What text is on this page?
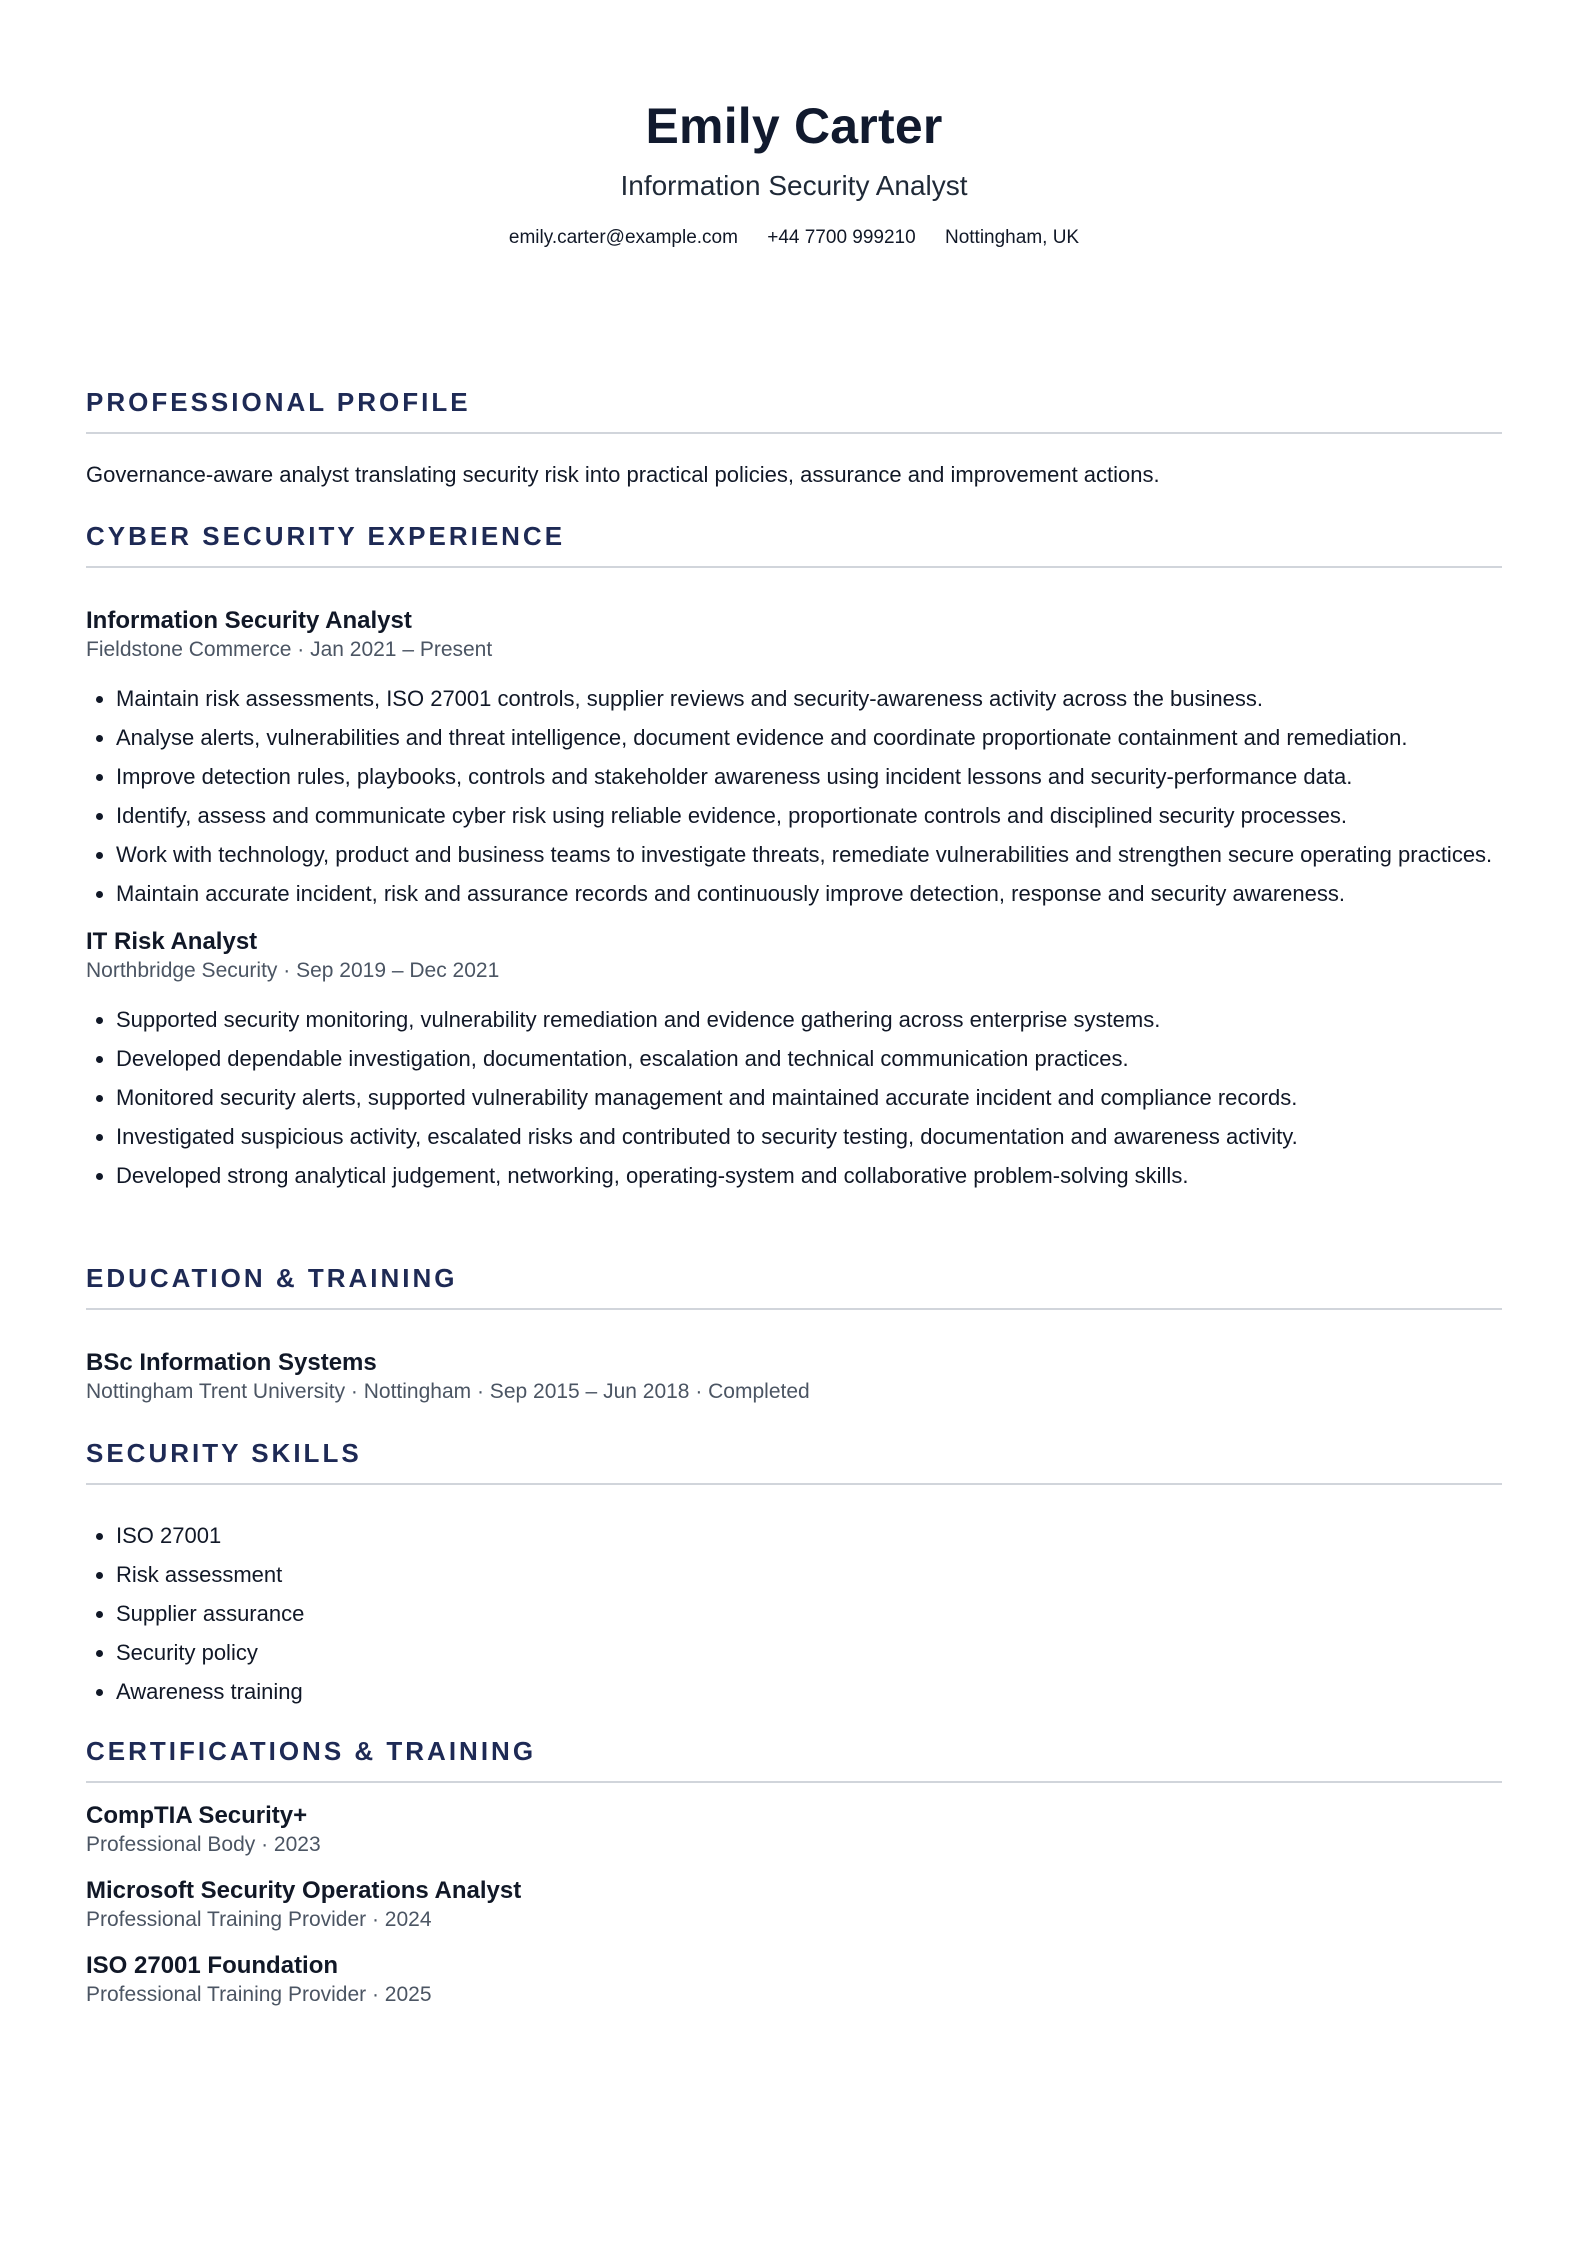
Emily Carter
Information Security Analyst
emily.carter@example.com +44 7700 999210 Nottingham, UK
PROFESSIONAL PROFILE
Governance-aware analyst translating security risk into practical policies, assurance and improvement actions.
CYBER SECURITY EXPERIENCE
Information Security Analyst
Fieldstone Commerce · Jan 2021 – Present
• Maintain risk assessments, ISO 27001 controls, supplier reviews and security-awareness activity across the business.
• Analyse alerts, vulnerabilities and threat intelligence, document evidence and coordinate proportionate containment and remediation.
• Improve detection rules, playbooks, controls and stakeholder awareness using incident lessons and security-performance data.
• Identify, assess and communicate cyber risk using reliable evidence, proportionate controls and disciplined security processes.
• Work with technology, product and business teams to investigate threats, remediate vulnerabilities and strengthen secure operating practices.
• Maintain accurate incident, risk and assurance records and continuously improve detection, response and security awareness.
IT Risk Analyst
Northbridge Security · Sep 2019 – Dec 2021
• Supported security monitoring, vulnerability remediation and evidence gathering across enterprise systems.
• Developed dependable investigation, documentation, escalation and technical communication practices.
• Monitored security alerts, supported vulnerability management and maintained accurate incident and compliance records.
• Investigated suspicious activity, escalated risks and contributed to security testing, documentation and awareness activity.
• Developed strong analytical judgement, networking, operating-system and collaborative problem-solving skills.
EDUCATION & TRAINING
BSc Information Systems
Nottingham Trent University · Nottingham · Sep 2015 – Jun 2018 · Completed
SECURITY SKILLS
• ISO 27001
• Risk assessment
• Supplier assurance
• Security policy
• Awareness training
CERTIFICATIONS & TRAINING
CompTIA Security+
Professional Body · 2023
Microsoft Security Operations Analyst
Professional Training Provider · 2024
ISO 27001 Foundation
Professional Training Provider · 2025
